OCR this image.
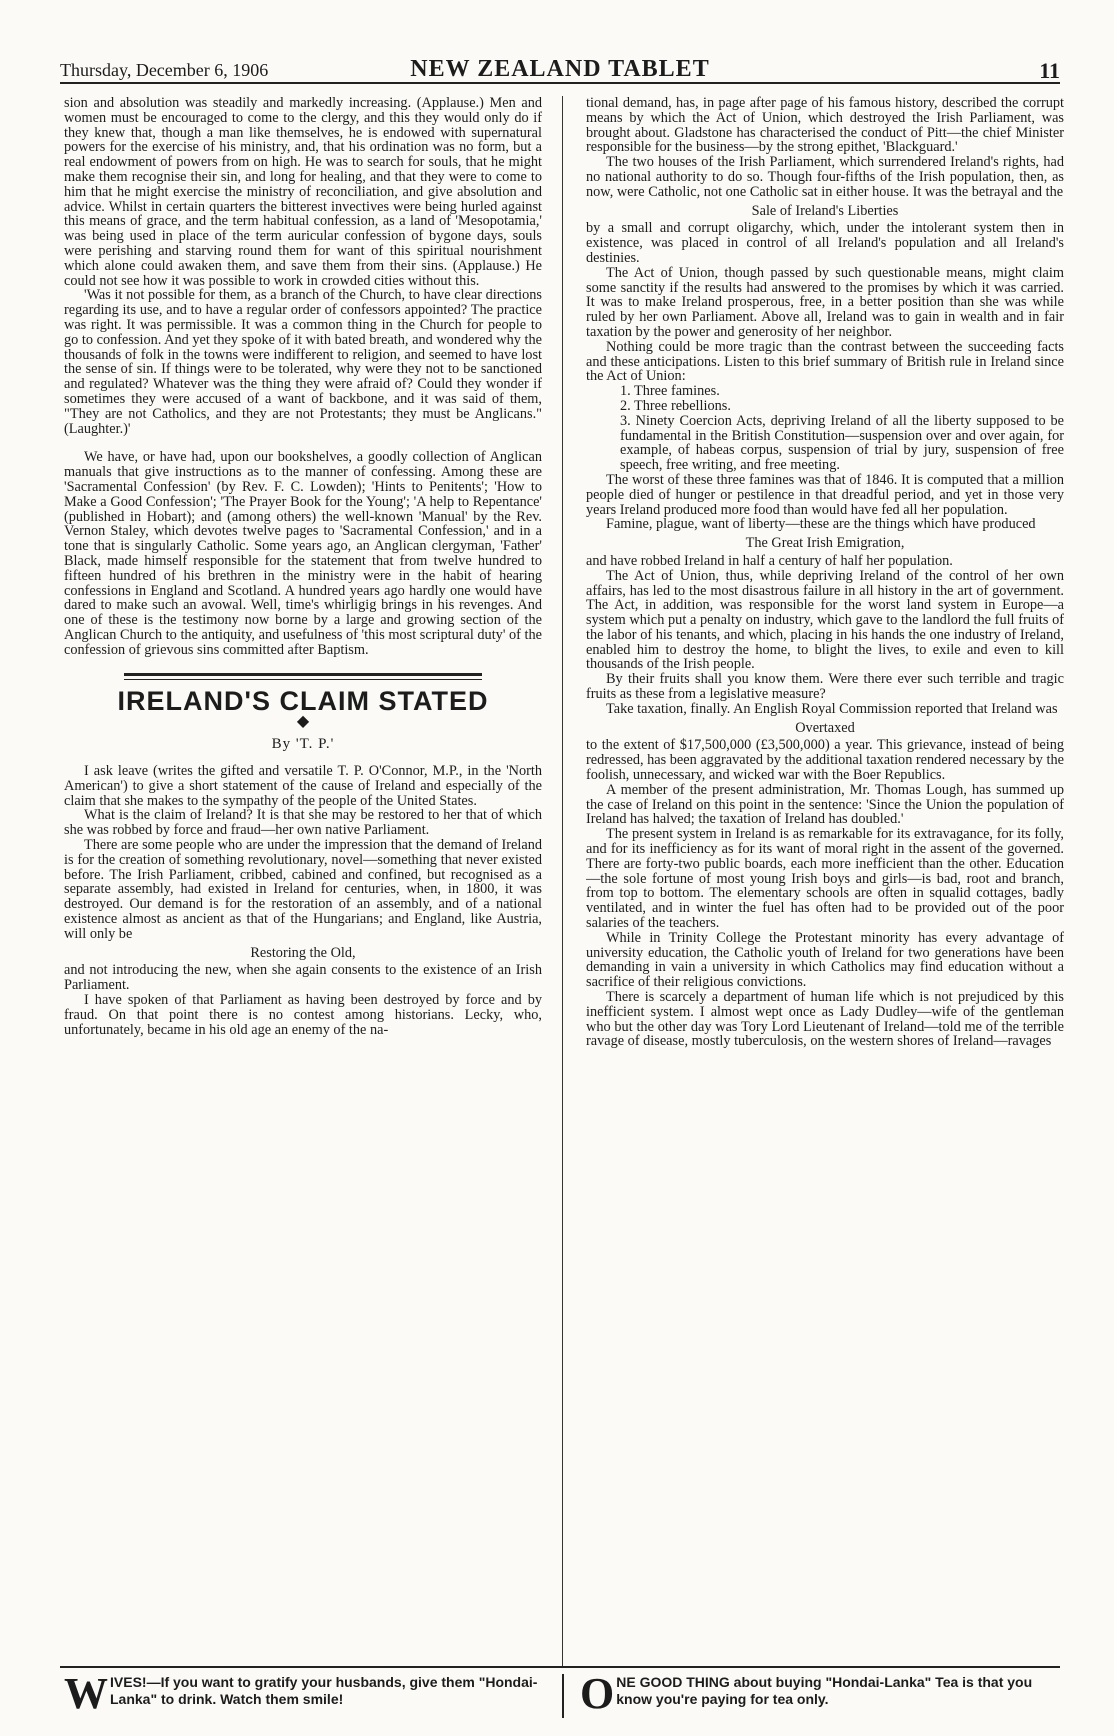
Thursday, December 6, 1906	NEW ZEALAND TABLET	11

sion and absolution was steadily and markedly increasing. (Applause.) Men and women must be encouraged to come to the clergy, and this they would only do if they knew that, though a man like themselves, he is endowed with supernatural powers for the exercise of his ministry, and, that his ordination was no form, but a real endowment of powers from on high. He was to search for souls, that he might make them recognise their sin, and long for healing, and that they were to come to him that he might exercise the ministry of reconciliation, and give absolution and advice. Whilst in certain quarters the bitterest invectives were being hurled against this means of grace, and the term habitual confession, as a land of 'Mesopotamia,' was being used in place of the term auricular confession of bygone days, souls were perishing and starving round them for want of this spiritual nourishment which alone could awaken them, and save them from their sins. (Applause.) He could not see how it was possible to work in crowded cities without this.

'Was it not possible for them, as a branch of the Church, to have clear directions regarding its use, and to have a regular order of confessors appointed? The practice was right. It was permissible. It was a common thing in the Church for people to go to confession. And yet they spoke of it with bated breath, and wondered why the thousands of folk in the towns were indifferent to religion, and seemed to have lost the sense of sin. If things were to be tolerated, why were they not to be sanctioned and regulated? Whatever was the thing they were afraid of? Could they wonder if sometimes they were accused of a want of backbone, and it was said of them, "They are not Catholics, and they are not Protestants; they must be Anglicans." (Laughter.)'

We have, or have had, upon our bookshelves, a goodly collection of Anglican manuals that give instructions as to the manner of confessing. Among these are 'Sacramental Confession' (by Rev. F. C. Lowden); 'Hints to Penitents'; 'How to Make a Good Confession'; 'The Prayer Book for the Young'; 'A help to Repentance' (published in Hobart); and (among others) the well-known 'Manual' by the Rev. Vernon Staley, which devotes twelve pages to 'Sacramental Confession,' and in a tone that is singularly Catholic. Some years ago, an Anglican clergyman, 'Father' Black, made himself responsible for the statement that from twelve hundred to fifteen hundred of his brethren in the ministry were in the habit of hearing confessions in England and Scotland. A hundred years ago hardly one would have dared to make such an avowal. Well, time's whirligig brings in his revenges. And one of these is the testimony now borne by a large and growing section of the Anglican Church to the antiquity, and usefulness of 'this most scriptural duty' of the confession of grievous sins committed after Baptism.

IRELAND'S CLAIM STATED
◆
By 'T. P.'

I ask leave (writes the gifted and versatile T. P. O'Connor, M.P., in the 'North American') to give a short statement of the cause of Ireland and especially of the claim that she makes to the sympathy of the people of the United States.

What is the claim of Ireland? It is that she may be restored to her that of which she was robbed by force and fraud—her own native Parliament.

There are some people who are under the impression that the demand of Ireland is for the creation of something revolutionary, novel—something that never existed before. The Irish Parliament, cribbed, cabined and confined, but recognised as a separate assembly, had existed in Ireland for centuries, when, in 1800, it was destroyed. Our demand is for the restoration of an assembly, and of a national existence almost as ancient as that of the Hungarians; and England, like Austria, will only be

Restoring the Old,

and not introducing the new, when she again consents to the existence of an Irish Parliament.

I have spoken of that Parliament as having been destroyed by force and by fraud. On that point there is no contest among historians. Lecky, who, unfortunately, became in his old age an enemy of the na-

tional demand, has, in page after page of his famous history, described the corrupt means by which the Act of Union, which destroyed the Irish Parliament, was brought about. Gladstone has characterised the conduct of Pitt—the chief Minister responsible for the business—by the strong epithet, 'Blackguard.'

The two houses of the Irish Parliament, which surrendered Ireland's rights, had no national authority to do so. Though four-fifths of the Irish population, then, as now, were Catholic, not one Catholic sat in either house. It was the betrayal and the

Sale of Ireland's Liberties

by a small and corrupt oligarchy, which, under the intolerant system then in existence, was placed in control of all Ireland's population and all Ireland's destinies.

The Act of Union, though passed by such questionable means, might claim some sanctity if the results had answered to the promises by which it was carried. It was to make Ireland prosperous, free, in a better position than she was while ruled by her own Parliament. Above all, Ireland was to gain in wealth and in fair taxation by the power and generosity of her neighbor.

Nothing could be more tragic than the contrast between the succeeding facts and these anticipations. Listen to this brief summary of British rule in Ireland since the Act of Union:

1. Three famines.
2. Three rebellions.
3. Ninety Coercion Acts, depriving Ireland of all the liberty supposed to be fundamental in the British Constitution—suspension over and over again, for example, of habeas corpus, suspension of trial by jury, suspension of free speech, free writing, and free meeting.

The worst of these three famines was that of 1846. It is computed that a million people died of hunger or pestilence in that dreadful period, and yet in those very years Ireland produced more food than would have fed all her population.

Famine, plague, want of liberty—these are the things which have produced

The Great Irish Emigration,

and have robbed Ireland in half a century of half her population.

The Act of Union, thus, while depriving Ireland of the control of her own affairs, has led to the most disastrous failure in all history in the art of government. The Act, in addition, was responsible for the worst land system in Europe—a system which put a penalty on industry, which gave to the landlord the full fruits of the labor of his tenants, and which, placing in his hands the one industry of Ireland, enabled him to destroy the home, to blight the lives, to exile and even to kill thousands of the Irish people.

By their fruits shall you know them. Were there ever such terrible and tragic fruits as these from a legislative measure?

Take taxation, finally. An English Royal Commission reported that Ireland was

Overtaxed

to the extent of $17,500,000 (£3,500,000) a year. This grievance, instead of being redressed, has been aggravated by the additional taxation rendered necessary by the foolish, unnecessary, and wicked war with the Boer Republics.

A member of the present administration, Mr. Thomas Lough, has summed up the case of Ireland on this point in the sentence: 'Since the Union the population of Ireland has halved; the taxation of Ireland has doubled.'

The present system in Ireland is as remarkable for its extravagance, for its folly, and for its inefficiency as for its want of moral right in the assent of the governed. There are forty-two public boards, each more inefficient than the other. Education—the sole fortune of most young Irish boys and girls—is bad, root and branch, from top to bottom. The elementary schools are often in squalid cottages, badly ventilated, and in winter the fuel has often had to be provided out of the poor salaries of the teachers.

While in Trinity College the Protestant minority has every advantage of university education, the Catholic youth of Ireland for two generations have been demanding in vain a university in which Catholics may find education without a sacrifice of their religious convictions.

There is scarcely a department of human life which is not prejudiced by this inefficient system. I almost wept once as Lady Dudley—wife of the gentleman who but the other day was Tory Lord Lieutenant of Ireland—told me of the terrible ravage of disease, mostly tuberculosis, on the western shores of Ireland—ravages

W IVES!—If you want to gratify your husbands, give them "Hondai-Lanka" to drink. Watch them smile!	O NE GOOD THING about buying "Hondai-Lanka" Tea is that you know you're paying for tea only.
